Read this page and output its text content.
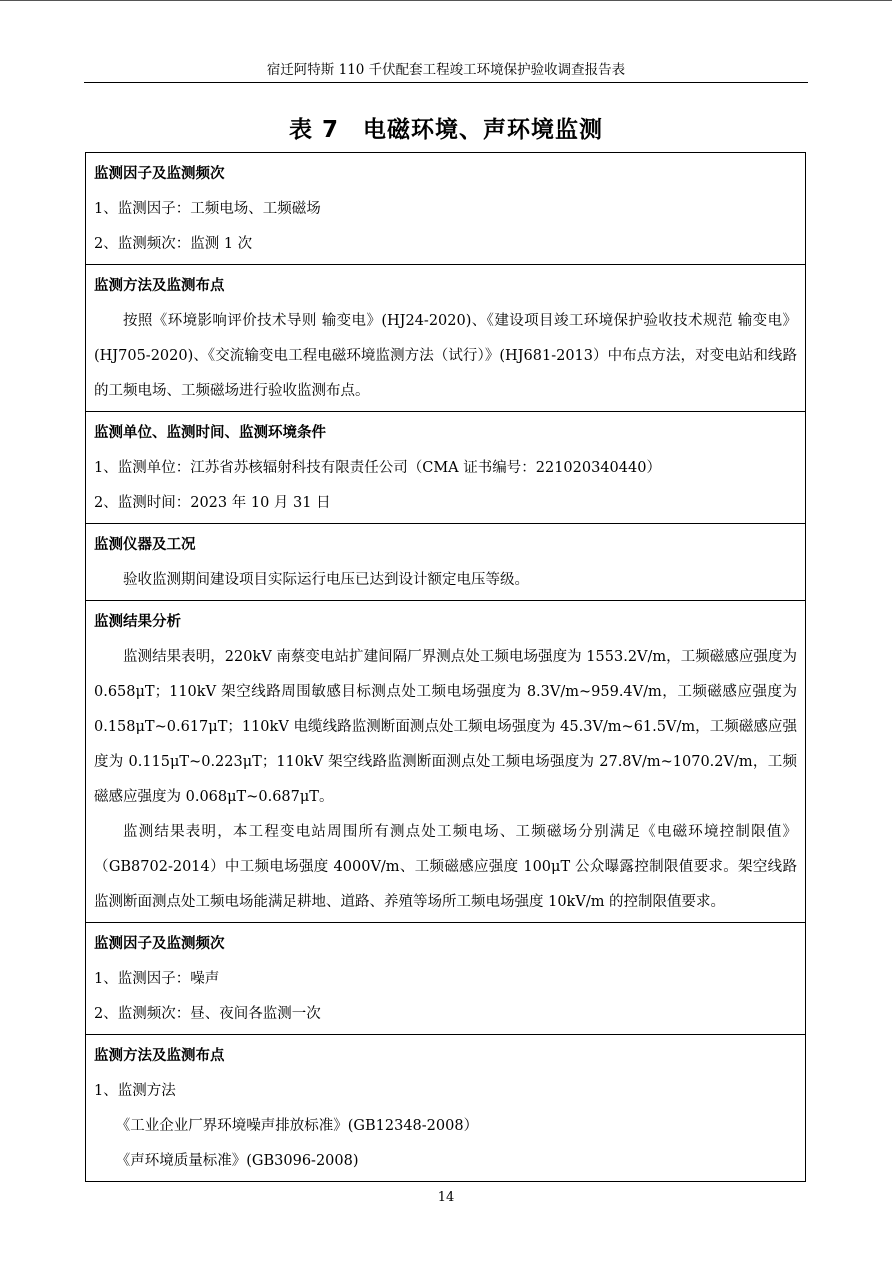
宿迁阿特斯 110 千伏配套工程竣工环境保护验收调查报告表
表 7　电磁环境、声环境监测
监测因子及监测频次
1、监测因子：工频电场、工频磁场
2、监测频次：监测 1 次
监测方法及监测布点
按照《环境影响评价技术导则 输变电》(HJ24-2020)、《建设项目竣工环境保护验收技术规范 输变电》(HJ705-2020)、《交流输变电工程电磁环境监测方法（试行）》(HJ681-2013）中布点方法，对变电站和线路的工频电场、工频磁场进行验收监测布点。
监测单位、监测时间、监测环境条件
1、监测单位：江苏省苏核辐射科技有限责任公司（CMA 证书编号：221020340440）
2、监测时间：2023 年 10 月 31 日
监测仪器及工况
验收监测期间建设项目实际运行电压已达到设计额定电压等级。
监测结果分析
监测结果表明，220kV 南蔡变电站扩建间隔厂界测点处工频电场强度为 1553.2V/m，工频磁感应强度为 0.658μT；110kV 架空线路周围敏感目标测点处工频电场强度为 8.3V/m~959.4V/m，工频磁感应强度为 0.158μT~0.617μT；110kV 电缆线路监测断面测点处工频电场强度为 45.3V/m~61.5V/m，工频磁感应强度为 0.115μT~0.223μT；110kV 架空线路监测断面测点处工频电场强度为 27.8V/m~1070.2V/m，工频磁感应强度为 0.068μT~0.687μT。
监测结果表明，本工程变电站周围所有测点处工频电场、工频磁场分别满足《电磁环境控制限值》（GB8702-2014）中工频电场强度 4000V/m、工频磁感应强度 100μT 公众曝露控制限值要求。架空线路监测断面测点处工频电场能满足耕地、道路、养殖等场所工频电场强度 10kV/m 的控制限值要求。
监测因子及监测频次
1、监测因子：噪声
2、监测频次：昼、夜间各监测一次
监测方法及监测布点
1、监测方法
《工业企业厂界环境噪声排放标准》(GB12348-2008）
《声环境质量标准》(GB3096-2008)
14
